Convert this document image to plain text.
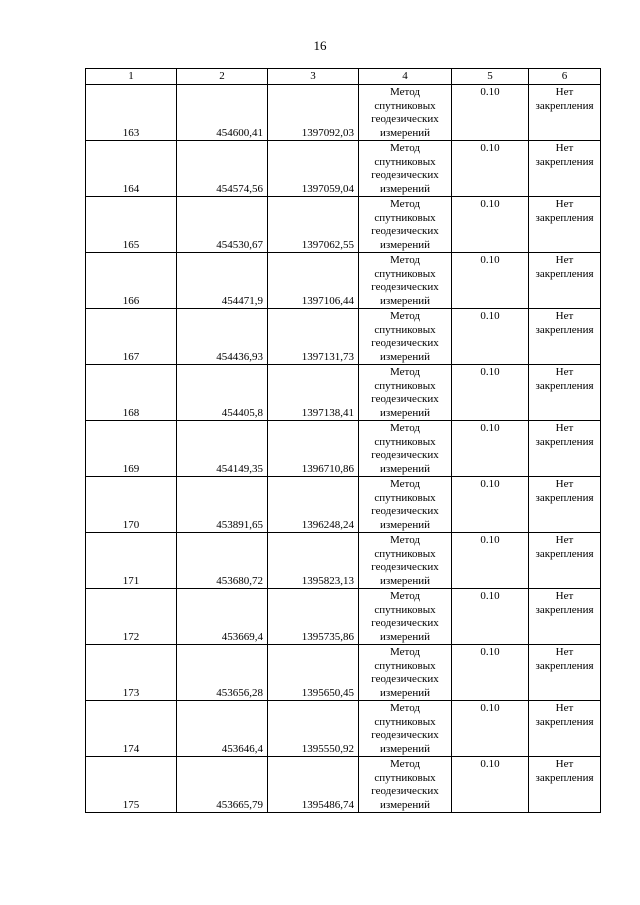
16
1	2	3	4	5	6
163	454600,41	1397092,03	Метод
спутниковых
геодезических
измерений	0.10	Нет
закрепления

164	454574,56	1397059,04	Метод
спутниковых
геодезических
измерений	0.10	Нет
закрепления

165	454530,67	1397062,55	Метод
спутниковых
геодезических
измерений	0.10	Нет
закрепления

166	454471,9	1397106,44	Метод
спутниковых
геодезических
измерений	0.10	Нет
закрепления

167	454436,93	1397131,73	Метод
спутниковых
геодезических
измерений	0.10	Нет
закрепления

168	454405,8	1397138,41	Метод
спутниковых
геодезических
измерений	0.10	Нет
закрепления

169	454149,35	1396710,86	Метод
спутниковых
геодезических
измерений	0.10	Нет
закрепления

170	453891,65	1396248,24	Метод
спутниковых
геодезических
измерений	0.10	Нет
закрепления

171	453680,72	1395823,13	Метод
спутниковых
геодезических
измерений	0.10	Нет
закрепления

172	453669,4	1395735,86	Метод
спутниковых
геодезических
измерений	0.10	Нет
закрепления

173	453656,28	1395650,45	Метод
спутниковых
геодезических
измерений	0.10	Нет
закрепления

174	453646,4	1395550,92	Метод
спутниковых
геодезических
измерений	0.10	Нет
закрепления

175	453665,79	1395486,74	Метод
спутниковых
геодезических
измерений	0.10	Нет
закрепления
